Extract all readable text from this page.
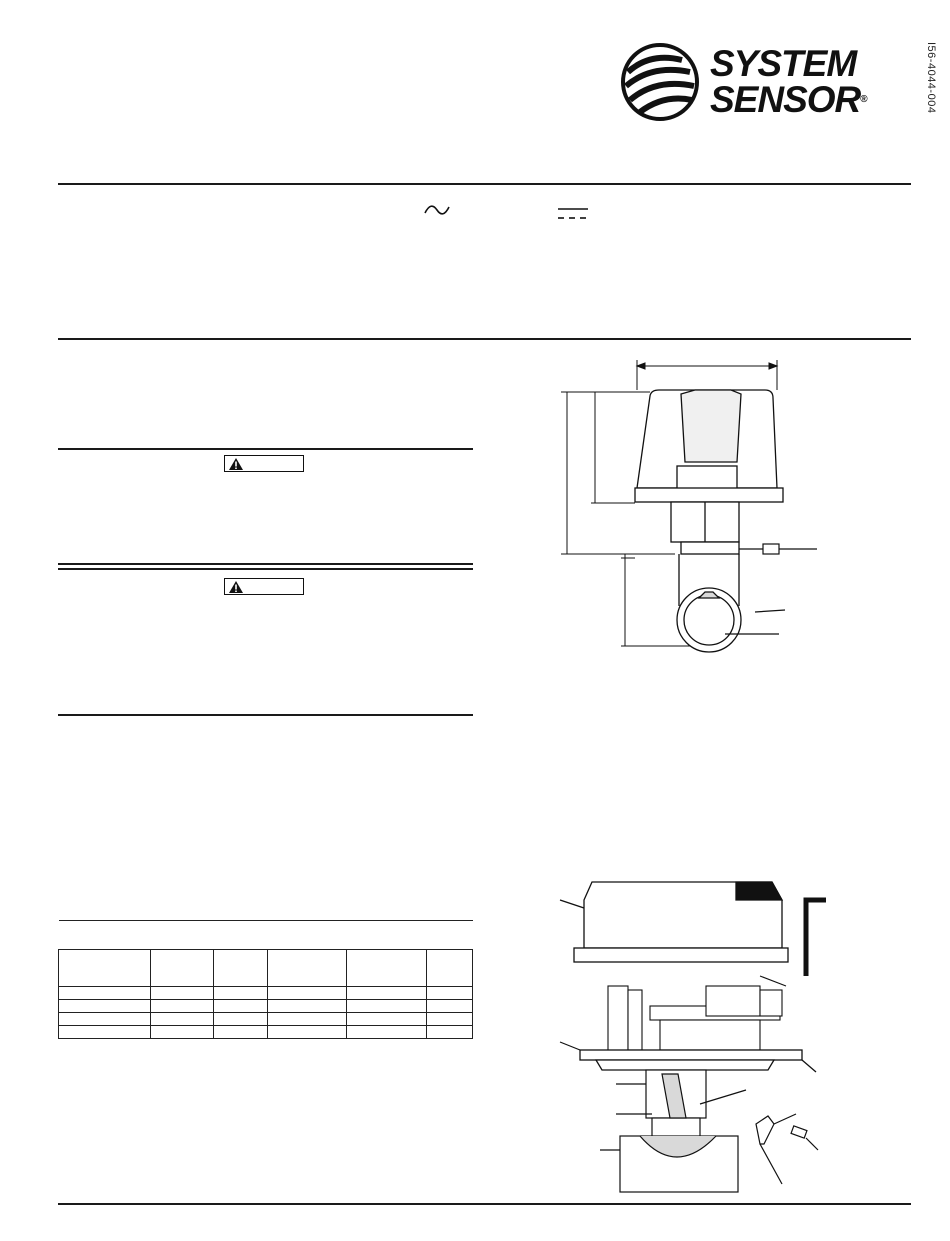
I56-4044-004
SYSTEM
SENSOR®
